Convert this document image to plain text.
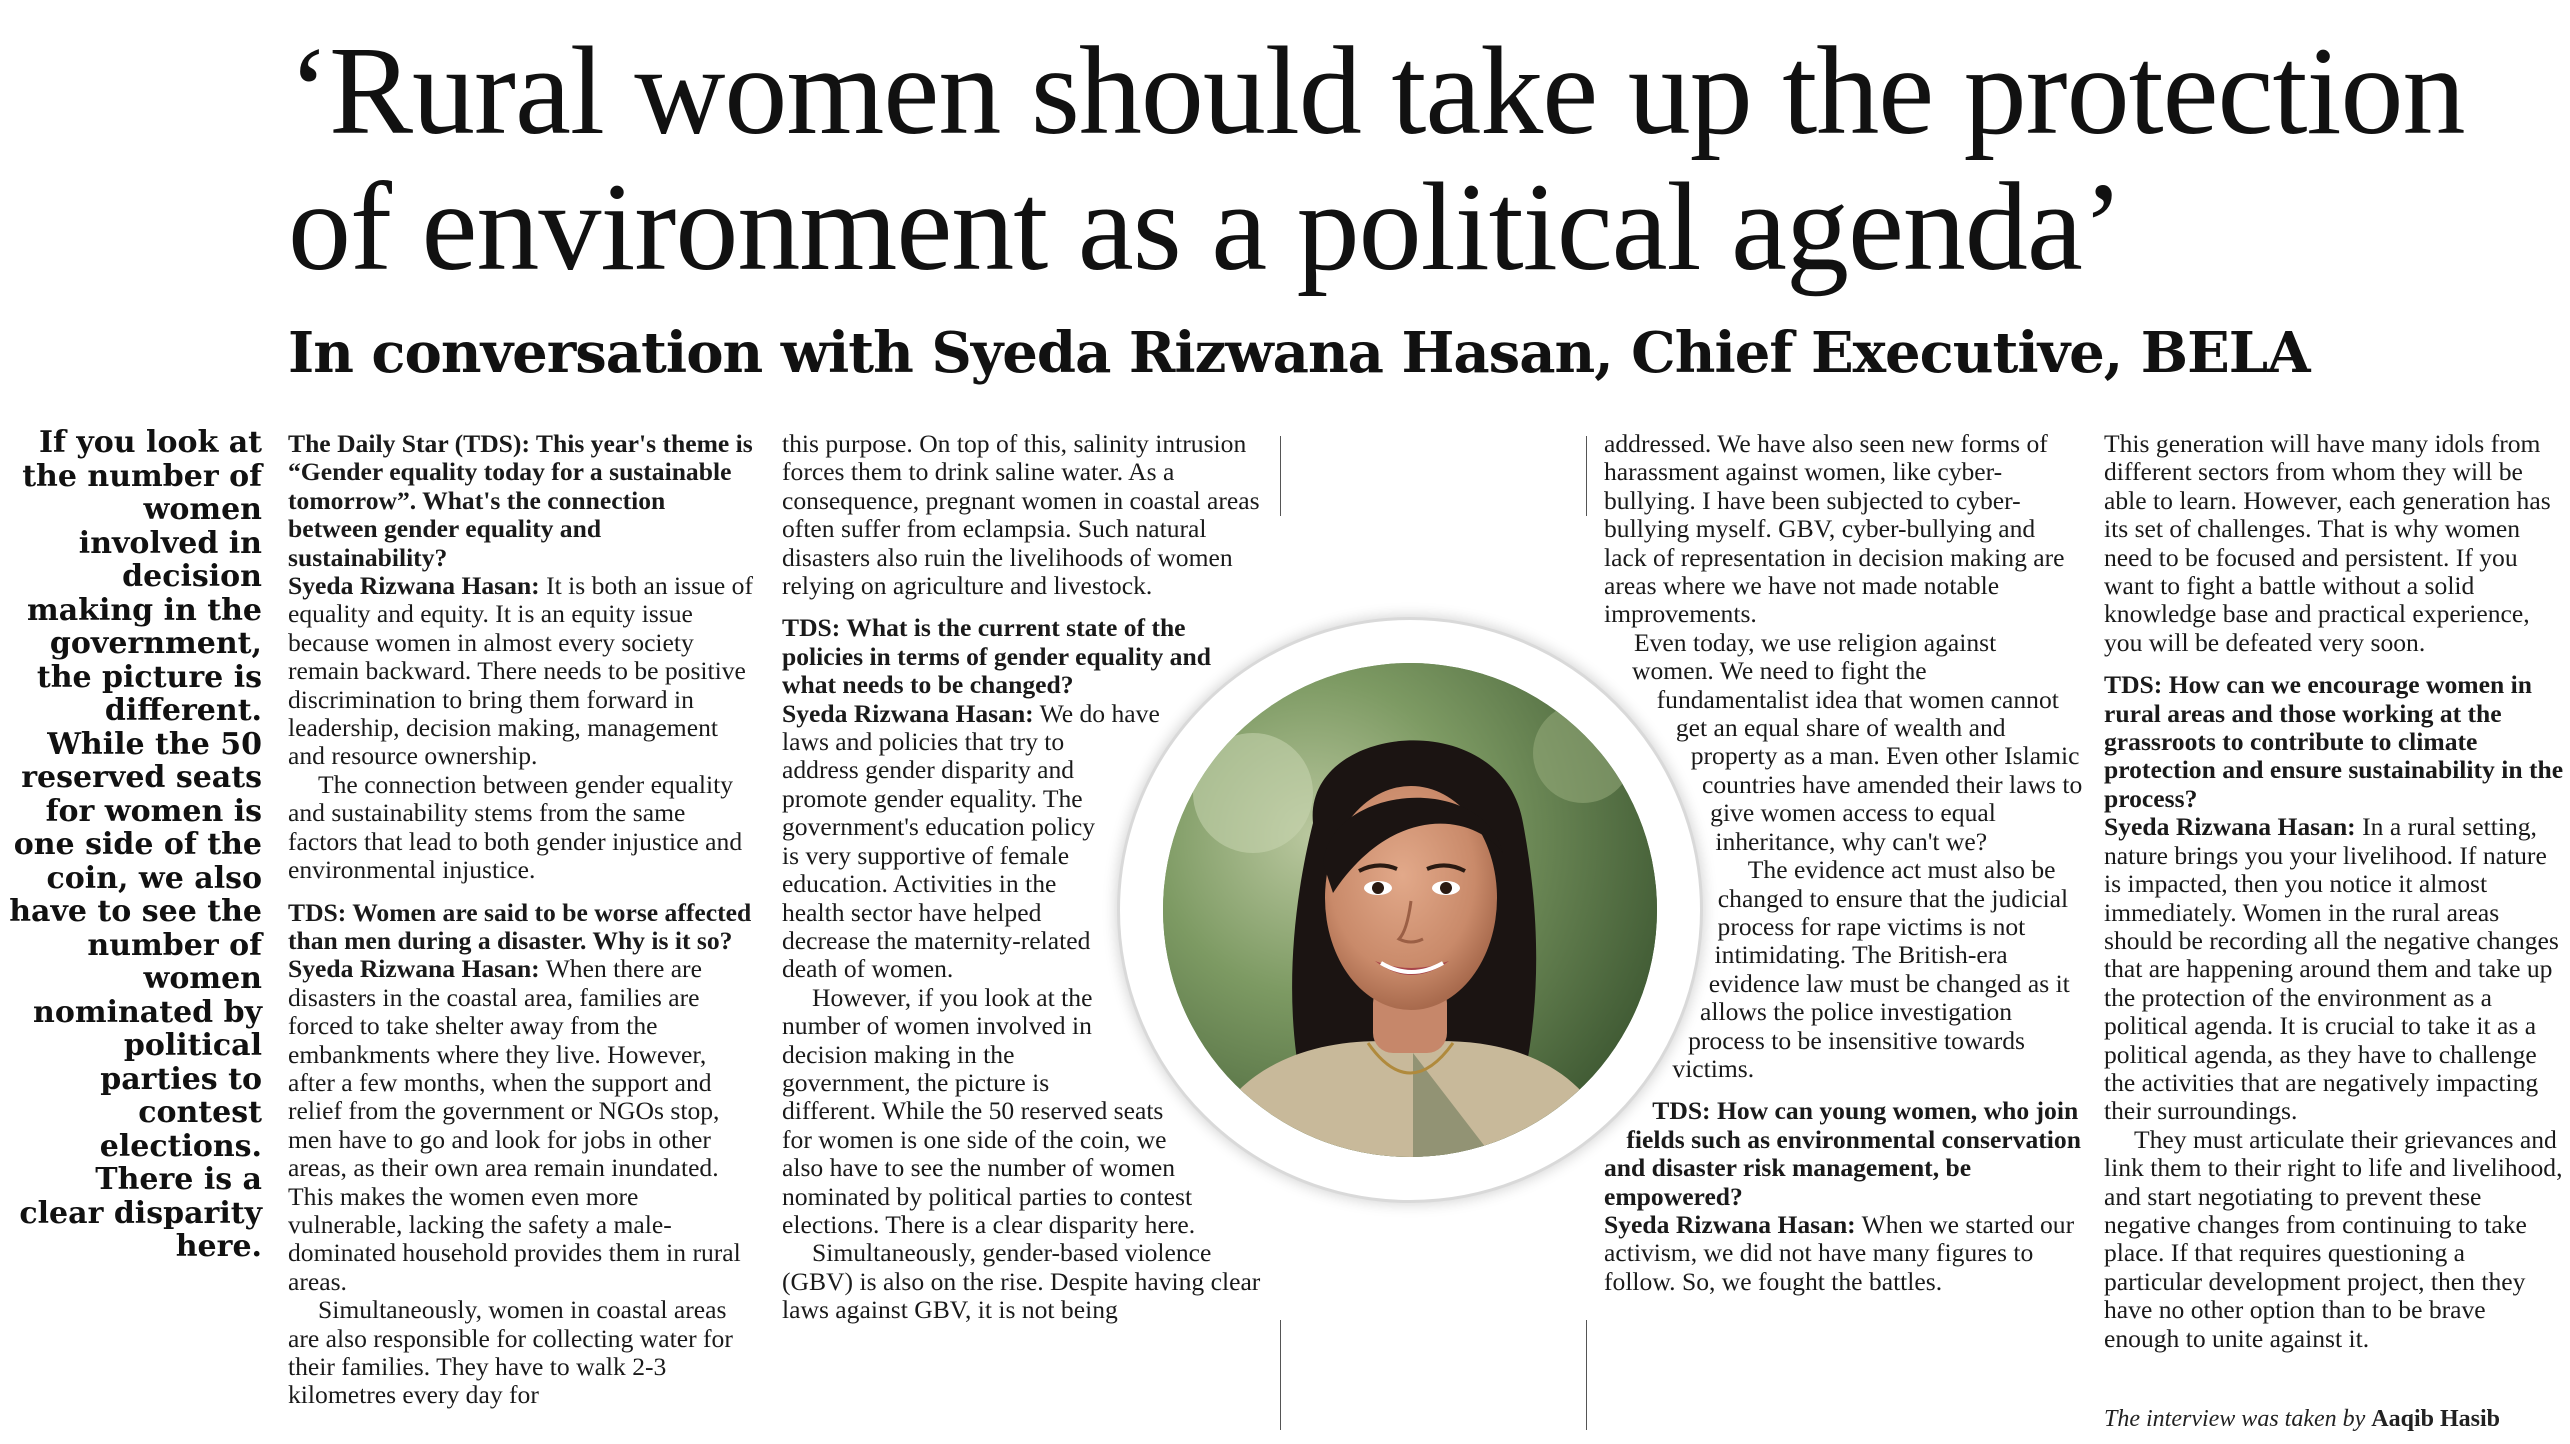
‘Rural women should take up the protection
of environment as a political agenda’
In conversation with Syeda Rizwana Hasan, Chief Executive, BELA
If you look at the number of women involved in decision making in the government, the picture is different. While the 50 reserved seats for women is one side of the coin, we also have to see the number of women nominated by political parties to contest elections. There is a clear disparity here.

The Daily Star (TDS): This year's theme is “Gender equality today for a sustainable tomorrow”. What's the connection between gender equality and sustainability?

Syeda Rizwana Hasan: It is both an issue of equality and equity. It is an equity issue because women in almost every society remain backward. There needs to be positive discrimination to bring them forward in leadership, decision making, management and resource ownership.

The connection between gender equality and sustainability stems from the same factors that lead to both gender injustice and environmental injustice.

TDS: Women are said to be worse affected than men during a disaster. Why is it so?

Syeda Rizwana Hasan: When there are disasters in the coastal area, families are forced to take shelter away from the embankments where they live. However, after a few months, when the support and relief from the government or NGOs stop, men have to go and look for jobs in other areas, as their own area remain inundated. This makes the women even more vulnerable, lacking the safety a male-dominated household provides them in rural areas.

Simultaneously, women in coastal areas are also responsible for collecting water for their families. They have to walk 2-3 kilometres every day for

this purpose. On top of this, salinity intrusion forces them to drink saline water. As a consequence, pregnant women in coastal areas often suffer from eclampsia. Such natural disasters also ruin the livelihoods of women relying on agriculture and livestock.

TDS: What is the current state of the policies in terms of gender equality and what needs to be changed?

Syeda Rizwana Hasan: We do have laws and policies that try to address gender disparity and promote gender equality. The government's education policy is very supportive of female education. Activities in the health sector have helped decrease the maternity-related death of women.

However, if you look at the number of women involved in decision making in the government, the picture is different. While the 50 reserved seats for women is one side of the coin, we also have to see the number of women nominated by political parties to contest elections. There is a clear disparity here.

Simultaneously, gender-based violence (GBV) is also on the rise. Despite having clear laws against GBV, it is not being

addressed. We have also seen new forms of harassment against women, like cyber-bullying. I have been subjected to cyber-bullying myself. GBV, cyber-bullying and lack of representation in decision making are areas where we have not made notable improvements.

Even today, we use religion against women. We need to fight the fundamentalist idea that women cannot get an equal share of wealth and property as a man. Even other Islamic countries have amended their laws to give women access to equal inheritance, why can't we?

The evidence act must also be changed to ensure that the judicial process for rape victims is not intimidating. The British-era evidence law must be changed as it allows the police investigation process to be insensitive towards victims.

TDS: How can young women, who join fields such as environmental conservation and disaster risk management, be empowered?

Syeda Rizwana Hasan: When we started our activism, we did not have many figures to follow. So, we fought the battles.

This generation will have many idols from different sectors from whom they will be able to learn. However, each generation has its set of challenges. That is why women need to be focused and persistent. If you want to fight a battle without a solid knowledge base and practical experience, you will be defeated very soon.

TDS: How can we encourage women in rural areas and those working at the grassroots to contribute to climate protection and ensure sustainability in the process?

Syeda Rizwana Hasan: In a rural setting, nature brings you your livelihood. If nature is impacted, then you notice it almost immediately. Women in the rural areas should be recording all the negative changes that are happening around them and take up the protection of the environment as a political agenda. It is crucial to take it as a political agenda, as they have to challenge the activities that are negatively impacting their surroundings.

They must articulate their grievances and link them to their right to life and livelihood, and start negotiating to prevent these negative changes from continuing to take place. If that requires questioning a particular development project, then they have no other option than to be brave enough to unite against it.

The interview was taken by Aaqib Hasib
